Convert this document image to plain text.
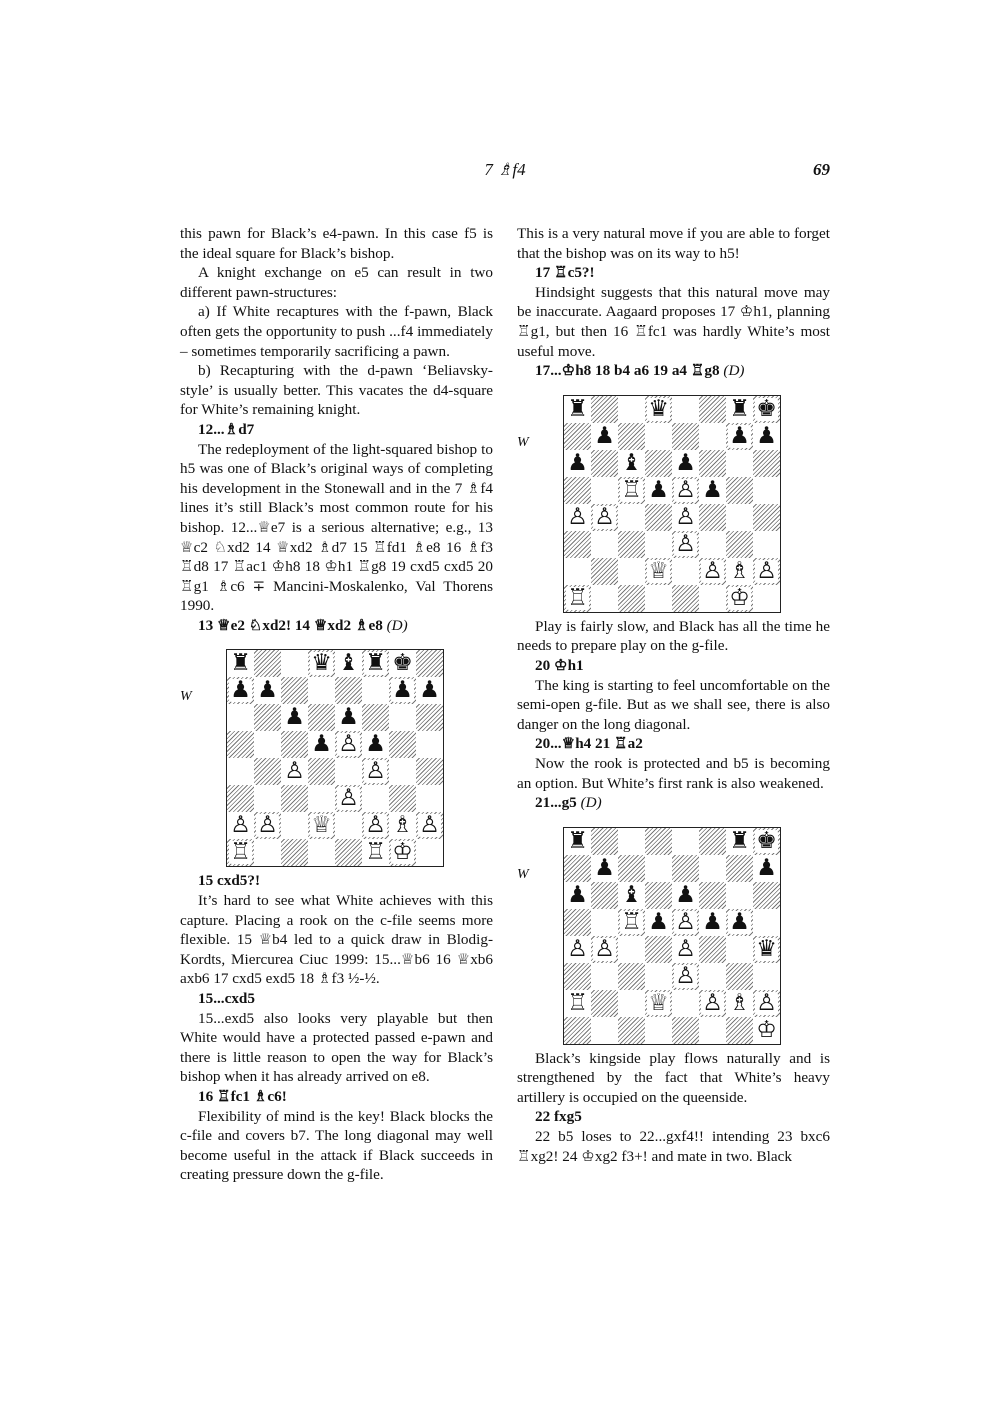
7 ♗f4	69

this pawn for Black’s e4-pawn. In this case f5 is the ideal square for Black’s bishop.

A knight exchange on e5 can result in two different pawn-structures:

a) If White recaptures with the f-pawn, Black often gets the opportunity to push ...f4 immediately – sometimes temporarily sacrificing a pawn.

b) Recapturing with the d-pawn ‘Beliavsky-style’ is usually better. This vacates the d4-square for White’s remaining knight.

12...♗d7

The redeployment of the light-squared bishop to h5 was one of Black’s original ways of completing his development in the Stonewall and in the 7 ♗f4 lines it’s still Black’s most common route for his bishop. 12...♕e7 is a serious alternative; e.g., 13 ♕c2 ♘xd2 14 ♕xd2 ♗d7 15 ♖fd1 ♗e8 16 ♗f3 ♖d8 17 ♖ac1 ♔h8 18 ♔h1 ♖g8 19 cxd5 cxd5 20 ♖g1 ♗c6 ∓ Mancini-Moskalenko, Val Thorens 1990.

13 ♕e2 ♘xd2! 14 ♕xd2 ♗e8 (D)

W
♜	♛ ♝ ♜ ♚
♟ ♟	♟ ♟
♟ ♟
♟ ♙ ♟
♙	♙
♙
♙ ♙ ♕ ♙ ♗ ♙
♖	♖ ♔

15 cxd5?!

It’s hard to see what White achieves with this capture. Placing a rook on the c-file seems more flexible. 15 ♕b4 led to a quick draw in Blodig-Kordts, Miercurea Ciuc 1999: 15...♕b6 16 ♕xb6 axb6 17 cxd5 exd5 18 ♗f3 ½-½.

15...cxd5

15...exd5 also looks very playable but then White would have a protected passed e-pawn and there is little reason to open the way for Black’s bishop when it has already arrived on e8.

16 ♖fc1 ♗c6!

Flexibility of mind is the key! Black blocks the c-file and covers b7. The long diagonal may well become useful in the attack if Black succeeds in creating pressure down the g-file.

This is a very natural move if you are able to forget that the bishop was on its way to h5!

17 ♖c5?!

Hindsight suggests that this natural move may be inaccurate. Aagaard proposes 17 ♔h1, planning ♖g1, but then 16 ♖fc1 was hardly White’s most useful move.

17...♔h8 18 b4 a6 19 a4 ♖g8 (D)

W
♜	♛	♜ ♚
♟	♟ ♟
♟ ♝ ♟
♖ ♟ ♙ ♟
♙ ♙	♙
♙
♕ ♙ ♗ ♙
♖	♔

Play is fairly slow, and Black has all the time he needs to prepare play on the g-file.

20 ♔h1

The king is starting to feel uncomfortable on the semi-open g-file. But as we shall see, there is also danger on the long diagonal.

20...♕h4 21 ♖a2

Now the rook is protected and b5 is becoming an option. But White’s first rank is also weakened.

21...g5 (D)

W
♜	♜ ♚
♟	♟
♟ ♝ ♟
♖ ♟ ♙ ♟ ♟
♙ ♙	♙	♛
♙
♖	♕ ♙ ♗ ♙
♔

Black’s kingside play flows naturally and is strengthened by the fact that White’s heavy artillery is occupied on the queenside.

22 fxg5

22 b5 loses to 22...gxf4!! intending 23 bxc6 ♖xg2! 24 ♔xg2 f3+! and mate in two. Black
